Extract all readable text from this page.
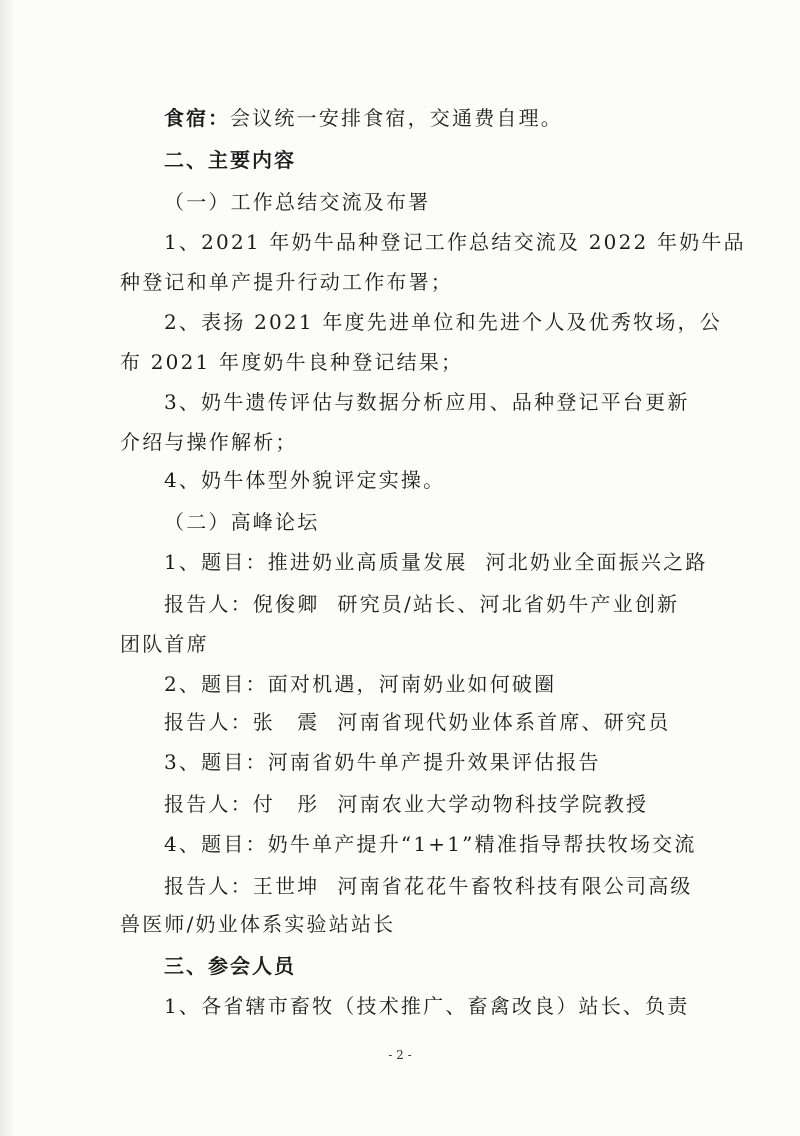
食宿：会议统一安排食宿，交通费自理。
二、主要内容
（一）工作总结交流及布署
1、2021 年奶牛品种登记工作总结交流及 2022 年奶牛品
种登记和单产提升行动工作布署；
2、表扬 2021 年度先进单位和先进个人及优秀牧场，公
布 2021 年度奶牛良种登记结果；
3、奶牛遗传评估与数据分析应用、品种登记平台更新
介绍与操作解析；
4、奶牛体型外貌评定实操。
（二）高峰论坛
1、题目：推进奶业高质量发展 河北奶业全面振兴之路
报告人：倪俊卿 研究员/站长、河北省奶牛产业创新
团队首席
2、题目：面对机遇，河南奶业如何破圈
报告人：张　震 河南省现代奶业体系首席、研究员
3、题目：河南省奶牛单产提升效果评估报告
报告人：付　彤 河南农业大学动物科技学院教授
4、题目：奶牛单产提升“1+1”精准指导帮扶牧场交流
报告人：王世坤 河南省花花牛畜牧科技有限公司高级
兽医师/奶业体系实验站站长
三、参会人员
1、各省辖市畜牧（技术推广、畜禽改良）站长、负责
- 2 -
